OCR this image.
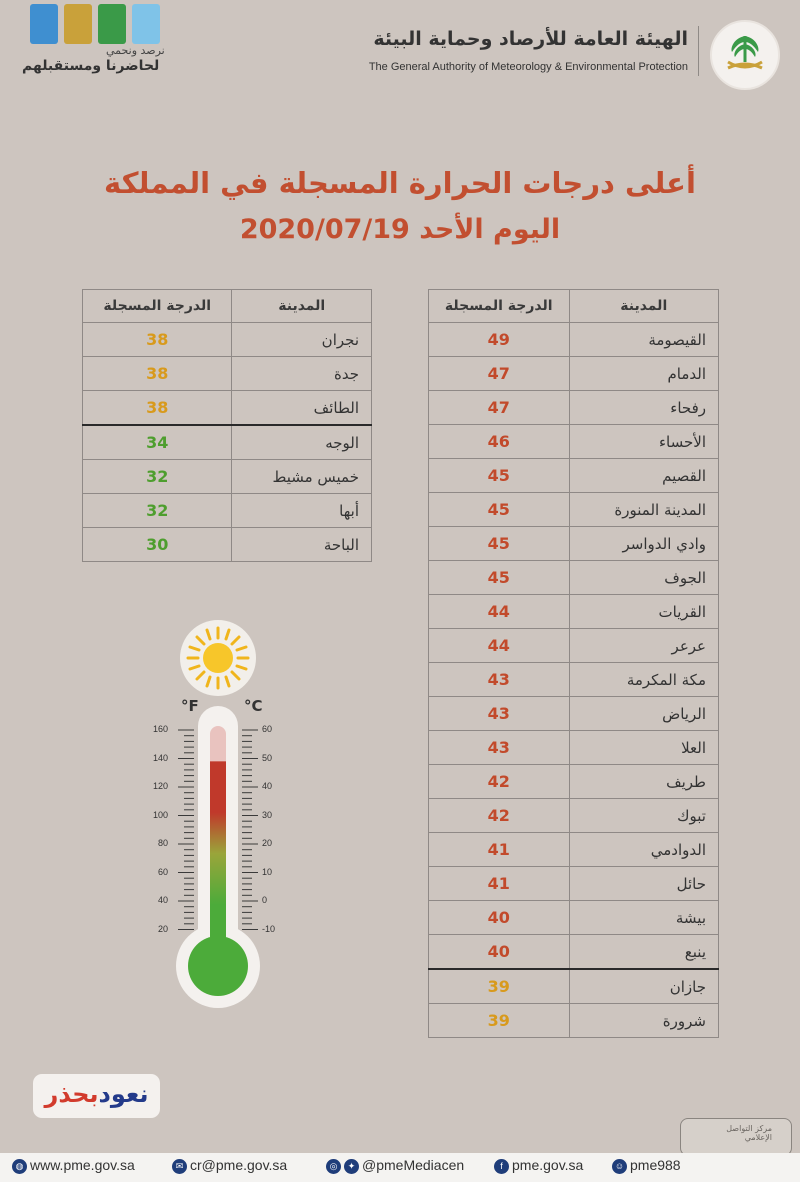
الهيئة العامة للأرصاد وحماية البيئة
The General Authority of Meteorology & Environmental Protection
نرصد ونحمي
لحاضرنا ومستقبلهم
أعلى درجات الحرارة المسجلة في المملكة
اليوم الأحد 2020/07/19
المدينة	الدرجة المسجلة
القيصومة	49
الدمام	47
رفحاء	47
الأحساء	46
القصيم	45
المدينة المنورة	45
وادي الدواسر	45
الجوف	45
القريات	44
عرعر	44
مكة المكرمة	43
الرياض	43
العلا	43
طريف	42
تبوك	42
الدوادمي	41
حائل	41
بيشة	40
ينبع	40
جازان	39
شرورة	39
المدينة	الدرجة المسجلة
نجران	38
جدة	38
الطائف	38
الوجه	34
خميس مشيط	32
أبها	32
الباحة	30
°F	°C
160
140
120
100
80
60
40
20
60
50
40
30
20
10
0
-10
نعودبحذر
مركز التواصل الإعلامي
◍ www.pme.gov.sa	✉ cr@pme.gov.sa	◎ ✦ @pmeMediacen	f pme.gov.sa	☺ pme988
